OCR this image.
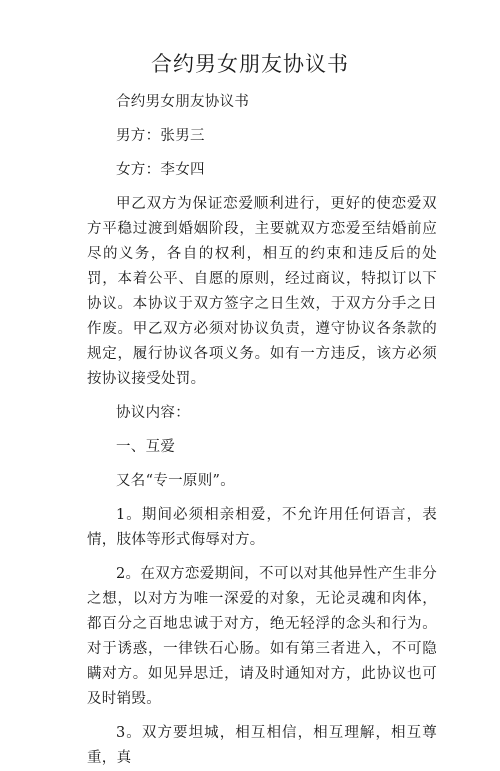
合约男女朋友协议书

合约男女朋友协议书

男方：张男三

女方：李女四

甲乙双方为保证恋爱顺利进行，更好的使恋爱双方平稳过渡到婚姻阶段，主要就双方恋爱至结婚前应尽的义务，各自的权利，相互的约束和违反后的处罚，本着公平、自愿的原则，经过商议，特拟订以下协议。本协议于双方签字之日生效，于双方分手之日作废。甲乙双方必须对协议负责，遵守协议各条款的规定，履行协议各项义务。如有一方违反，该方必须按协议接受处罚。

协议内容：

一、互爱

又名“专一原则”。

1。期间必须相亲相爱，不允许用任何语言，表情，肢体等形式侮辱对方。

2。在双方恋爱期间，不可以对其他异性产生非分之想，以对方为唯一深爱的对象，无论灵魂和肉体，都百分之百地忠诚于对方，绝无轻浮的念头和行为。对于诱惑，一律铁石心肠。如有第三者进入，不可隐瞒对方。如见异思迁，请及时通知对方，此协议也可及时销毁。

3。双方要坦城，相互相信，相互理解，相互尊重，真
